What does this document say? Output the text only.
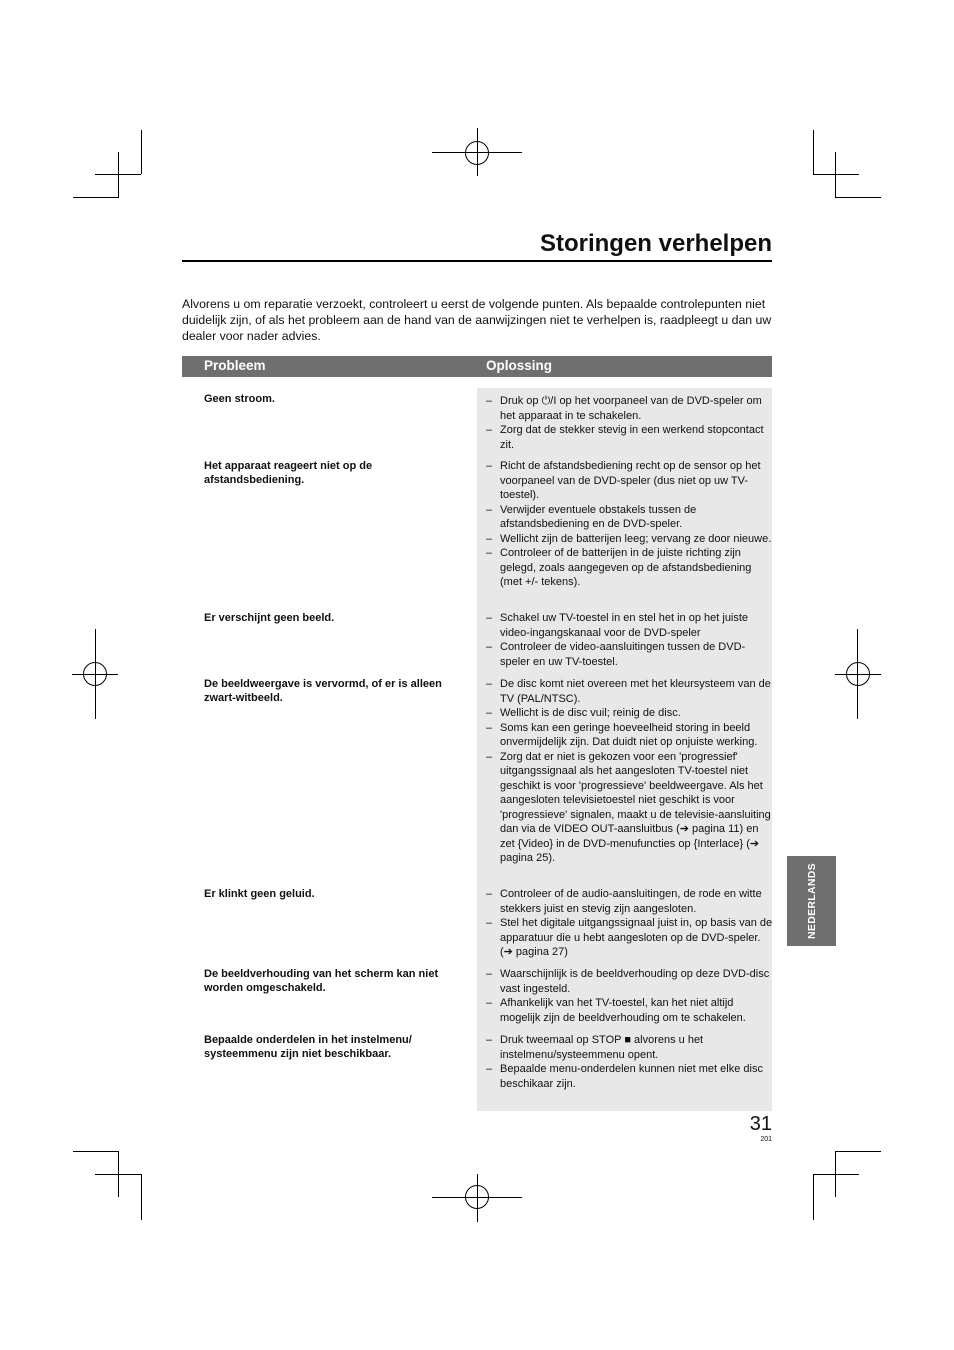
Storingen verhelpen

Alvorens u om reparatie verzoekt, controleert u eerst de volgende punten. Als bepaalde controlepunten niet duidelijk zijn, of als het probleem aan de hand van de aanwijzingen niet te verhelpen is, raadpleegt u dan uw dealer voor nader advies.

Probleem	Oplossing

Geen stroom.	– Druk op ⏻/I op het voorpaneel van de DVD-speler om het apparaat in te schakelen.
– Zorg dat de stekker stevig in een werkend stopcontact zit.

Het apparaat reageert niet op de afstandsbediening.

– Richt de afstandsbediening recht op de sensor op het voorpaneel van de DVD-speler (dus niet op uw TV-toestel).
– Verwijder eventuele obstakels tussen de afstandsbediening en de DVD-speler.
– Wellicht zijn de batterijen leeg; vervang ze door nieuwe.
– Controleer of de batterijen in de juiste richting zijn gelegd, zoals aangegeven op de afstandsbediening (met +/- tekens).

Er verschijnt geen beeld.	– Schakel uw TV-toestel in en stel het in op het juiste video-ingangskanaal voor de DVD-speler
– Controleer de video-aansluitingen tussen de DVD-speler en uw TV-toestel.

De beeldweergave is vervormd, of er is alleen zwart-witbeeld.

– De disc komt niet overeen met het kleursysteem van de TV (PAL/NTSC).
– Wellicht is de disc vuil; reinig de disc.
– Soms kan een geringe hoeveelheid storing in beeld onvermijdelijk zijn. Dat duidt niet op onjuiste werking.
– Zorg dat er niet is gekozen voor een 'progressief' uitgangssignaal als het aangesloten TV-toestel niet geschikt is voor 'progressieve' beeldweergave. Als het aangesloten televisietoestel niet geschikt is voor 'progressieve' signalen, maakt u de televisie-aansluiting dan via de VIDEO OUT-aansluitbus (➔ pagina 11) en zet {Video} in de DVD-menufuncties op {Interlace} (➔ pagina 25).

Er klinkt geen geluid.	– Controleer of de audio-aansluitingen, de rode en witte stekkers juist en stevig zijn aangesloten.
– Stel het digitale uitgangssignaal juist in, op basis van de apparatuur die u hebt aangesloten op de DVD-speler. (➔ pagina 27)

De beeldverhouding van het scherm kan niet worden omgeschakeld.

– Waarschijnlijk is de beeldverhouding op deze DVD-disc vast ingesteld.
– Afhankelijk van het TV-toestel, kan het niet altijd mogelijk zijn de beeldverhouding om te schakelen.

Bepaalde onderdelen in het instelmenu/ systeemmenu zijn niet beschikbaar.

– Druk tweemaal op STOP ■ alvorens u het instelmenu/systeemmenu opent.
– Bepaalde menu-onderdelen kunnen niet met elke disc beschikaar zijn.
NEDERLANDS
31
201
